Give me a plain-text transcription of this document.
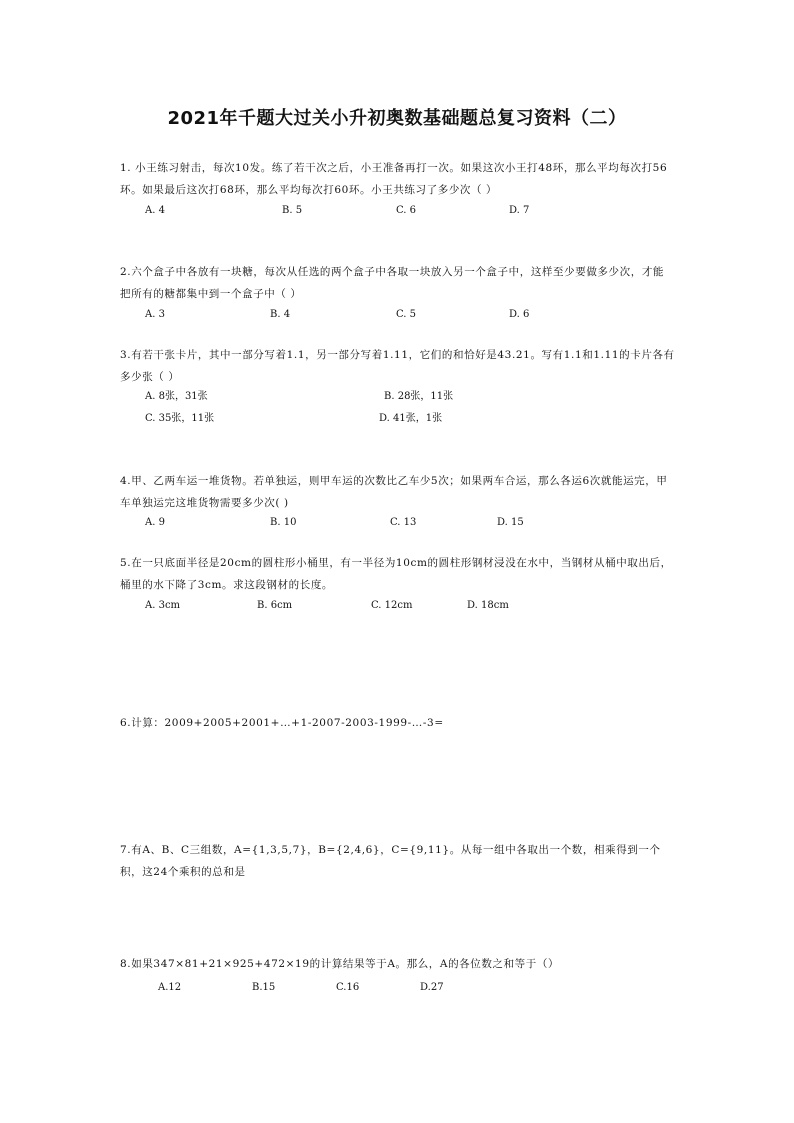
2021年千题大过关小升初奥数基础题总复习资料（二）
1. 小王练习射击，每次10发。练了若干次之后，小王准备再打一次。如果这次小王打48环，那么平均每次打56环。如果最后这次打68环，那么平均每次打60环。小王共练习了多少次（ ）
A. 4	B. 5	C. 6	D. 7
2.六个盒子中各放有一块糖，每次从任选的两个盒子中各取一块放入另一个盒子中，这样至少要做多少次，才能把所有的糖都集中到一个盒子中（ ）
A. 3	B. 4	C. 5	D. 6
3.有若干张卡片，其中一部分写着1.1，另一部分写着1.11，它们的和恰好是43.21。写有1.1和1.11的卡片各有多少张（ ）
A. 8张，31张	B. 28张，11张
C. 35张，11张	D. 41张，1张
4.甲、乙两车运一堆货物。若单独运，则甲车运的次数比乙车少5次；如果两车合运，那么各运6次就能运完，甲车单独运完这堆货物需要多少次( )
A. 9	B. 10	C. 13	D. 15
5.在一只底面半径是20cm的圆柱形小桶里，有一半径为10cm的圆柱形钢材浸没在水中，当钢材从桶中取出后，桶里的水下降了3cm。求这段钢材的长度。
A. 3cm	B. 6cm	C. 12cm	D. 18cm
6.计算：2009+2005+2001+…+1-2007-2003-1999-…-3=
7.有A、B、C三组数，A={1,3,5,7}，B={2,4,6}，C={9,11}。从每一组中各取出一个数，相乘得到一个积，这24个乘积的总和是
8.如果347×81+21×925+472×19的计算结果等于A。那么，A的各位数之和等于（）
A.12	B.15	C.16	D.27
